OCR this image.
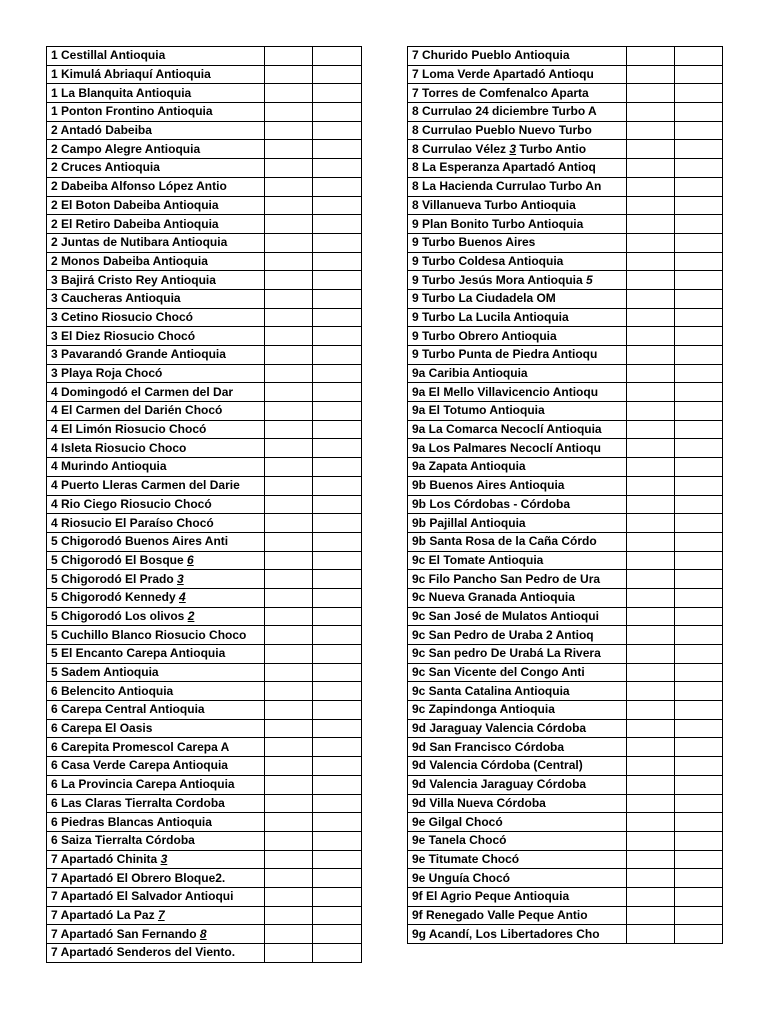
1 Cestillal Antioquia		
1 Kimulá Abriaquí Antioquia		
1 La Blanquita Antioquia		
1 Ponton Frontino Antioquia		
2 Antadó Dabeiba		
2 Campo Alegre Antioquia		
2 Cruces Antioquia		
2 Dabeiba Alfonso López Antio		
2 El Boton Dabeiba Antioquia		
2 El Retiro Dabeiba Antioquia		
2 Juntas de Nutibara Antioquia		
2 Monos Dabeiba Antioquia		
3 Bajirá Cristo Rey Antioquia		
3 Caucheras Antioquia		
3 Cetino Riosucio Chocó		
3 El Diez Riosucio Chocó		
3 Pavarandó Grande Antioquia		
3 Playa Roja Chocó		
4 Domingodó el Carmen del Dar		
4 El Carmen del Darién Chocó		
4 El Limón Riosucio Chocó		
4 Isleta Riosucio Choco		
4 Murindo Antioquia		
4 Puerto Lleras Carmen del Darie		
4 Rio Ciego Riosucio Chocó		
4 Riosucio El Paraíso Chocó		
5 Chigorodó Buenos Aires Anti		
5 Chigorodó El Bosque 6		
5 Chigorodó El Prado 3		
5 Chigorodó Kennedy 4		
5 Chigorodó Los olivos 2		
5 Cuchillo Blanco Riosucio Choco		
5 El Encanto Carepa Antioquia		
5 Sadem Antioquia		
6 Belencito Antioquia		
6 Carepa Central Antioquia		
6 Carepa El Oasis		
6 Carepita Promescol Carepa A		
6 Casa Verde Carepa Antioquia		
6 La Provincia Carepa Antioquia		
6 Las Claras Tierralta Cordoba		
6 Piedras Blancas Antioquia		
6 Saiza Tierralta Córdoba		
7 Apartadó Chinita 3		
7 Apartadó El Obrero Bloque2.		
7 Apartadó El Salvador Antioqui		
7 Apartadó La Paz 7		
7 Apartadó San Fernando 8		
7 Apartadó Senderos del Viento.		
7 Churido Pueblo Antioquia		
7 Loma Verde Apartadó Antioqu		
7 Torres de Comfenalco Aparta		
8 Currulao 24 diciembre Turbo A		
8 Currulao Pueblo Nuevo Turbo		
8 Currulao Vélez 3 Turbo Antio		
8 La Esperanza Apartadó Antioq		
8 La Hacienda Currulao Turbo An		
8 Villanueva Turbo Antioquia		
9 Plan Bonito Turbo Antioquia		
9 Turbo Buenos Aires		
9 Turbo Coldesa Antioquia		
9 Turbo Jesús Mora Antioquia 5		
9 Turbo La Ciudadela OM		
9 Turbo La Lucila Antioquia		
9 Turbo Obrero Antioquia		
9 Turbo Punta de Piedra Antioqu		
9a Caribia Antioquia		
9a El Mello Villavicencio Antioqu		
9a El Totumo Antioquia		
9a La Comarca Necoclí Antioquia		
9a Los Palmares Necoclí Antioqu		
9a Zapata Antioquia		
9b Buenos Aires Antioquia		
9b Los Córdobas - Córdoba		
9b Pajillal Antioquia		
9b Santa Rosa de la Caña Córdo		
9c El Tomate Antioquia		
9c Filo Pancho San Pedro de Ura		
9c Nueva Granada Antioquia		
9c San José de Mulatos Antioqui		
9c San Pedro de Uraba 2 Antioq		
9c San pedro De Urabá La Rivera		
9c San Vicente del Congo Anti		
9c Santa Catalina Antioquia		
9c Zapindonga Antioquia		
9d Jaraguay Valencia Córdoba		
9d San Francisco Córdoba		
9d Valencia Córdoba (Central)		
9d Valencia Jaraguay Córdoba		
9d Villa Nueva Córdoba		
9e Gilgal Chocó		
9e Tanela Chocó		
9e Titumate Chocó		
9e Unguía Chocó		
9f El Agrio Peque Antioquia		
9f Renegado Valle Peque Antio		
9g Acandí, Los Libertadores Cho		
